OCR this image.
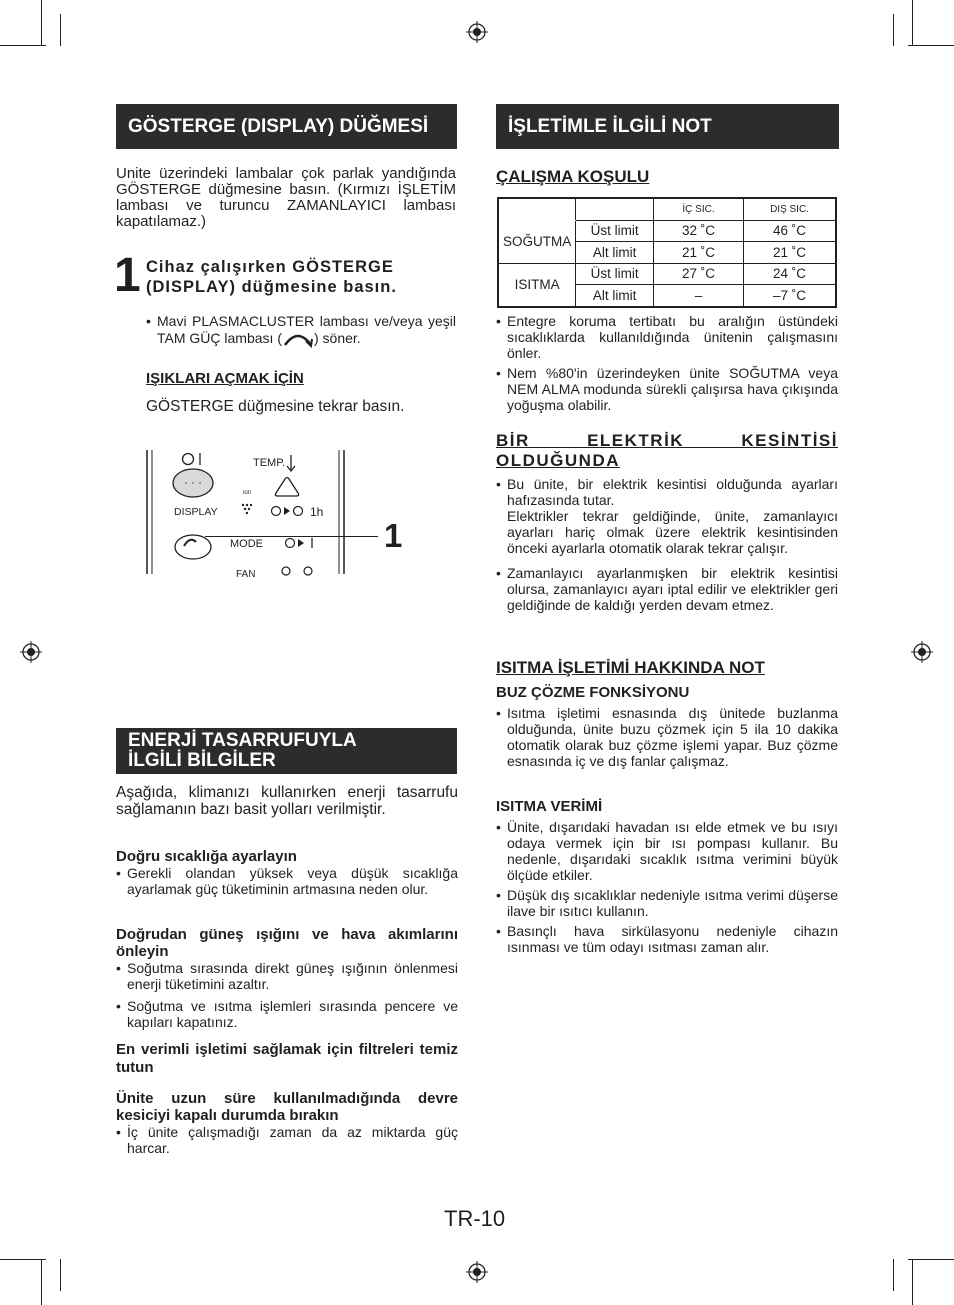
GÖSTERGE (DISPLAY) DÜĞMESİ
Unite üzerindeki lambalar çok parlak yandığında GÖSTERGE düğmesine basın. (Kırmızı İŞLETİM lambası ve turuncu ZAMANLAYICI lambası kapatılamaz.)
1 Cihaz çalışırken GÖSTERGE (DISPLAY) düğmesine basın.
• Mavi PLASMACLUSTER lambası ve/veya yeşil TAM GÜÇ lambası ( ) söner.
IŞIKLARI AÇMAK İÇİN
GÖSTERGE düğmesine tekrar basın.
TEMP.
ion
DISPLAY	1h
MODE
FAN
1
ENERJİ TASARRUFUYLA
İLGİLİ BİLGİLER
Aşağıda, klimanızı kullanırken enerji tasarrufu sağlamanın bazı basit yolları verilmiştir.
Doğru sıcaklığa ayarlayın
• Gerekli olandan yüksek veya düşük sıcaklığa ayarlamak güç tüketiminin artmasına neden olur.
Doğrudan güneş ışığını ve hava akımlarını önleyin
• Soğutma sırasında direkt güneş ışığının önlenmesi enerji tüketimini azaltır.
• Soğutma ve ısıtma işlemleri sırasında pencere ve kapıları kapatınız.
En verimli işletimi sağlamak için filtreleri temiz tutun
Ünite uzun süre kullanılmadığında devre kesiciyi kapalı durumda bırakın
• İç ünite çalışmadığı zaman da az miktarda güç harcar.
İŞLETİMLE İLGİLİ NOT
ÇALIŞMA KOŞULU
		İÇ SIC.	DIŞ SIC.
SOĞUTMA	Üst limit	32 ˚C	46 ˚C
	Alt limit	21 ˚C	21 ˚C
ISITMA	Üst limit	27 ˚C	24 ˚C
	Alt limit	–	–7 ˚C
• Entegre koruma tertibatı bu aralığın üstündeki sıcaklıklarda kullanıldığında ünitenin çalışmasını önler.
• Nem %80'in üzerindeyken ünite SOĞUTMA veya NEM ALMA modunda sürekli çalışırsa hava çıkışında yoğuşma olabilir.
BİR ELEKTRİK KESİNTİSİ OLDUĞUNDA
• Bu ünite, bir elektrik kesintisi olduğunda ayarları hafızasında tutar.
Elektrikler tekrar geldiğinde, ünite, zamanlayıcı ayarları hariç olmak üzere elektrik kesintisinden önceki ayarlarla otomatik olarak tekrar çalışır.
• Zamanlayıcı ayarlanmışken bir elektrik kesintisi olursa, zamanlayıcı ayarı iptal edilir ve elektrikler geri geldiğinde de kaldığı yerden devam etmez.
ISITMA İŞLETİMİ HAKKINDA NOT
BUZ ÇÖZME FONKSİYONU
• Isıtma işletimi esnasında dış ünitede buzlanma olduğunda, ünite buzu çözmek için 5 ila 10 dakika otomatik olarak buz çözme işlemi yapar. Buz çözme esnasında iç ve dış fanlar çalışmaz.
ISITMA VERİMİ
• Ünite, dışarıdaki havadan ısı elde etmek ve bu ısıyı odaya vermek için bir ısı pompası kullanır. Bu nedenle, dışarıdaki sıcaklık ısıtma verimini büyük ölçüde etkiler.
• Düşük dış sıcaklıklar nedeniyle ısıtma verimi düşerse ilave bir ısıtıcı kullanın.
• Basınçlı hava sirkülasyonu nedeniyle cihazın ısınması ve tüm odayı ısıtması zaman alır.
TR-10
